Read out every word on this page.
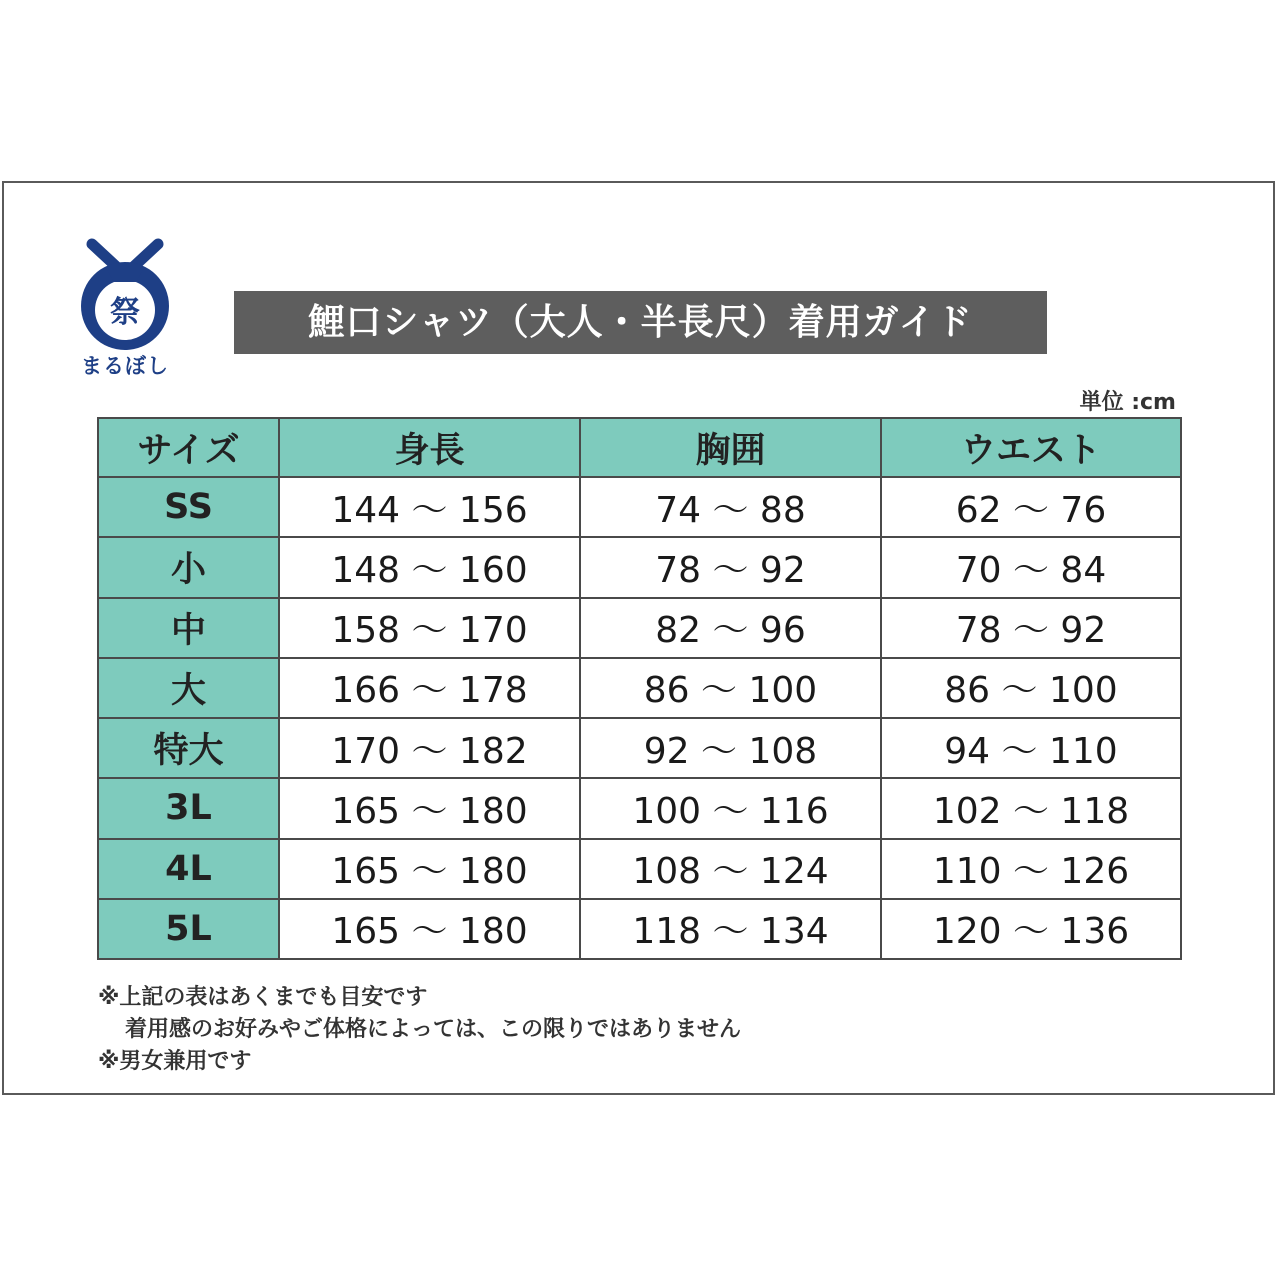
祭
まるぼし
鯉口シャツ（大人・半長尺）着用ガイド
単位 :cm
サイズ	身長	胸囲	ウエスト
SS	144 ～ 156	74 ～ 88	62 ～ 76
小	148 ～ 160	78 ～ 92	70 ～ 84
中	158 ～ 170	82 ～ 96	78 ～ 92
大	166 ～ 178	86 ～ 100	86 ～ 100
特大	170 ～ 182	92 ～ 108	94 ～ 110
3L	165 ～ 180	100 ～ 116	102 ～ 118
4L	165 ～ 180	108 ～ 124	110 ～ 126
5L	165 ～ 180	118 ～ 134	120 ～ 136
※上記の表はあくまでも目安です
着用感のお好みやご体格によっては、この限りではありません
※男女兼用です
